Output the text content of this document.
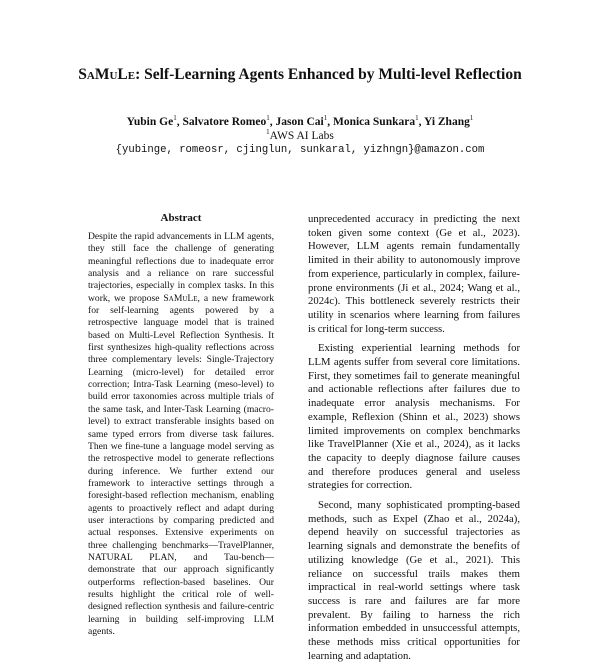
SaMuLe: Self-Learning Agents Enhanced by Multi-level Reflection
Yubin Ge$^1$, Salvatore Romeo$^1$, Jason Cai$^1$, Monica Sunkara$^1$, Yi Zhang$^1$
$^1$AWS AI Labs
{yubinge, romeosr, cjinglun, sunkaral, yizhngn}@amazon.com
Abstract

Despite the rapid advancements in LLM agents, they still face the challenge of generating meaningful reflections due to inadequate error analysis and a reliance on rare successful trajectories, especially in complex tasks. In this work, we propose SaMuLe, a new framework for self-learning agents powered by a retrospective language model that is trained based on Multi-Level Reflection Synthesis. It first synthesizes high-quality reflections across three complementary levels: Single-Trajectory Learning (micro-level) for detailed error correction; Intra-Task Learning (meso-level) to build error taxonomies across multiple trials of the same task, and Inter-Task Learning (macro-level) to extract transferable insights based on same typed errors from diverse task failures. Then we fine-tune a language model serving as the retrospective model to generate reflections during inference. We further extend our framework to interactive settings through a foresight-based reflection mechanism, enabling agents to proactively reflect and adapt during user interactions by comparing predicted and actual responses. Extensive experiments on three challenging benchmarks—TravelPlanner, NATURAL PLAN, and Tau-bench—demonstrate that our approach significantly outperforms reflection-based baselines. Our results highlight the critical role of well-designed reflection synthesis and failure-centric learning in building self-improving LLM agents.

unprecedented accuracy in predicting the next token given some context (Ge et al., 2023). However, LLM agents remain fundamentally limited in their ability to autonomously improve from experience, particularly in complex, failure-prone environments (Ji et al., 2024; Wang et al., 2024c). This bottleneck severely restricts their utility in scenarios where learning from failures is critical for long-term success.

Existing experiential learning methods for LLM agents suffer from several core limitations. First, they sometimes fail to generate meaningful and actionable reflections after failures due to inadequate error analysis mechanisms. For example, Reflexion (Shinn et al., 2023) shows limited improvements on complex benchmarks like TravelPlanner (Xie et al., 2024), as it lacks the capacity to deeply diagnose failure causes and therefore produces general and useless strategies for correction.

Second, many sophisticated prompting-based methods, such as Expel (Zhao et al., 2024a), depend heavily on successful trajectories as learning signals and demonstrate the benefits of utilizing knowledge (Ge et al., 2021). This reliance on successful trails makes them impractical in real-world settings where task success is rare and failures are far more prevalent. By failing to harness the rich information embedded in unsuccessful attempts, these methods miss critical opportunities for learning and adaptation.
